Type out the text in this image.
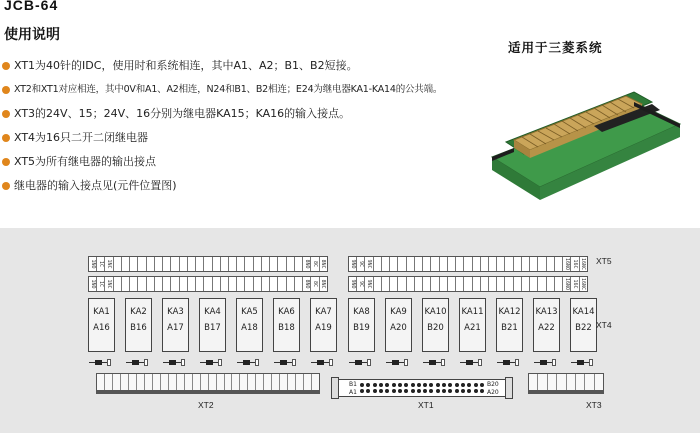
JCB-64
使用说明
XT1为40针的IDC，使用时和系统相连，其中A1、A2；B1、B2短接。
XT2和XT1对应相连，其中0V和A1、A2相连，N24和B1、B2相连；E24为继电器KA1-KA14的公共端。
XT3的24V、15；24V、16分别为继电器KA15；KA16的输入接点。
XT4为16只二开二闭继电器
XT5为所有继电器的输出接点
继电器的输入接点见(元件位置图)
适用于三菱系统
1NO 1C 1NC	8NO 8C 8NC
1NO 1C 1NC	8NO 8C 8NC
9NO 9C 9NC	16NO 16C 16NC
9NO 9C 9NC	16NO 16C 16NC
XT5
KA1
A16
KA2
B16
KA3
A17
KA4
B17
KA5
A18
KA6
B18
KA7
A19
KA8
B19
KA9
A20
KA10
B20
KA11
A21
KA12
B21
KA13
A22
KA14
B22 XT4
XT2
B1
A1
B20
A20
XT1	XT3
